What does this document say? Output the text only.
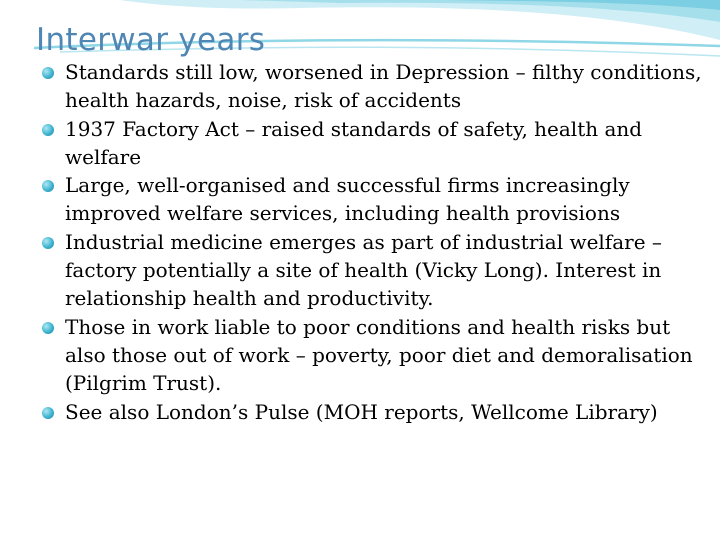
Interwar years
Standards still low, worsened in Depression – filthy conditions, health hazards, noise, risk of accidents
1937 Factory Act – raised standards of safety, health and welfare
Large, well-organised and successful firms increasingly improved welfare services, including health provisions
Industrial medicine emerges as part of industrial welfare – factory potentially a site of health (Vicky Long). Interest in relationship health and productivity.
Those in work liable to poor conditions and health risks but also those out of work – poverty, poor diet and demoralisation (Pilgrim Trust).
See also London’s Pulse (MOH reports, Wellcome Library)
